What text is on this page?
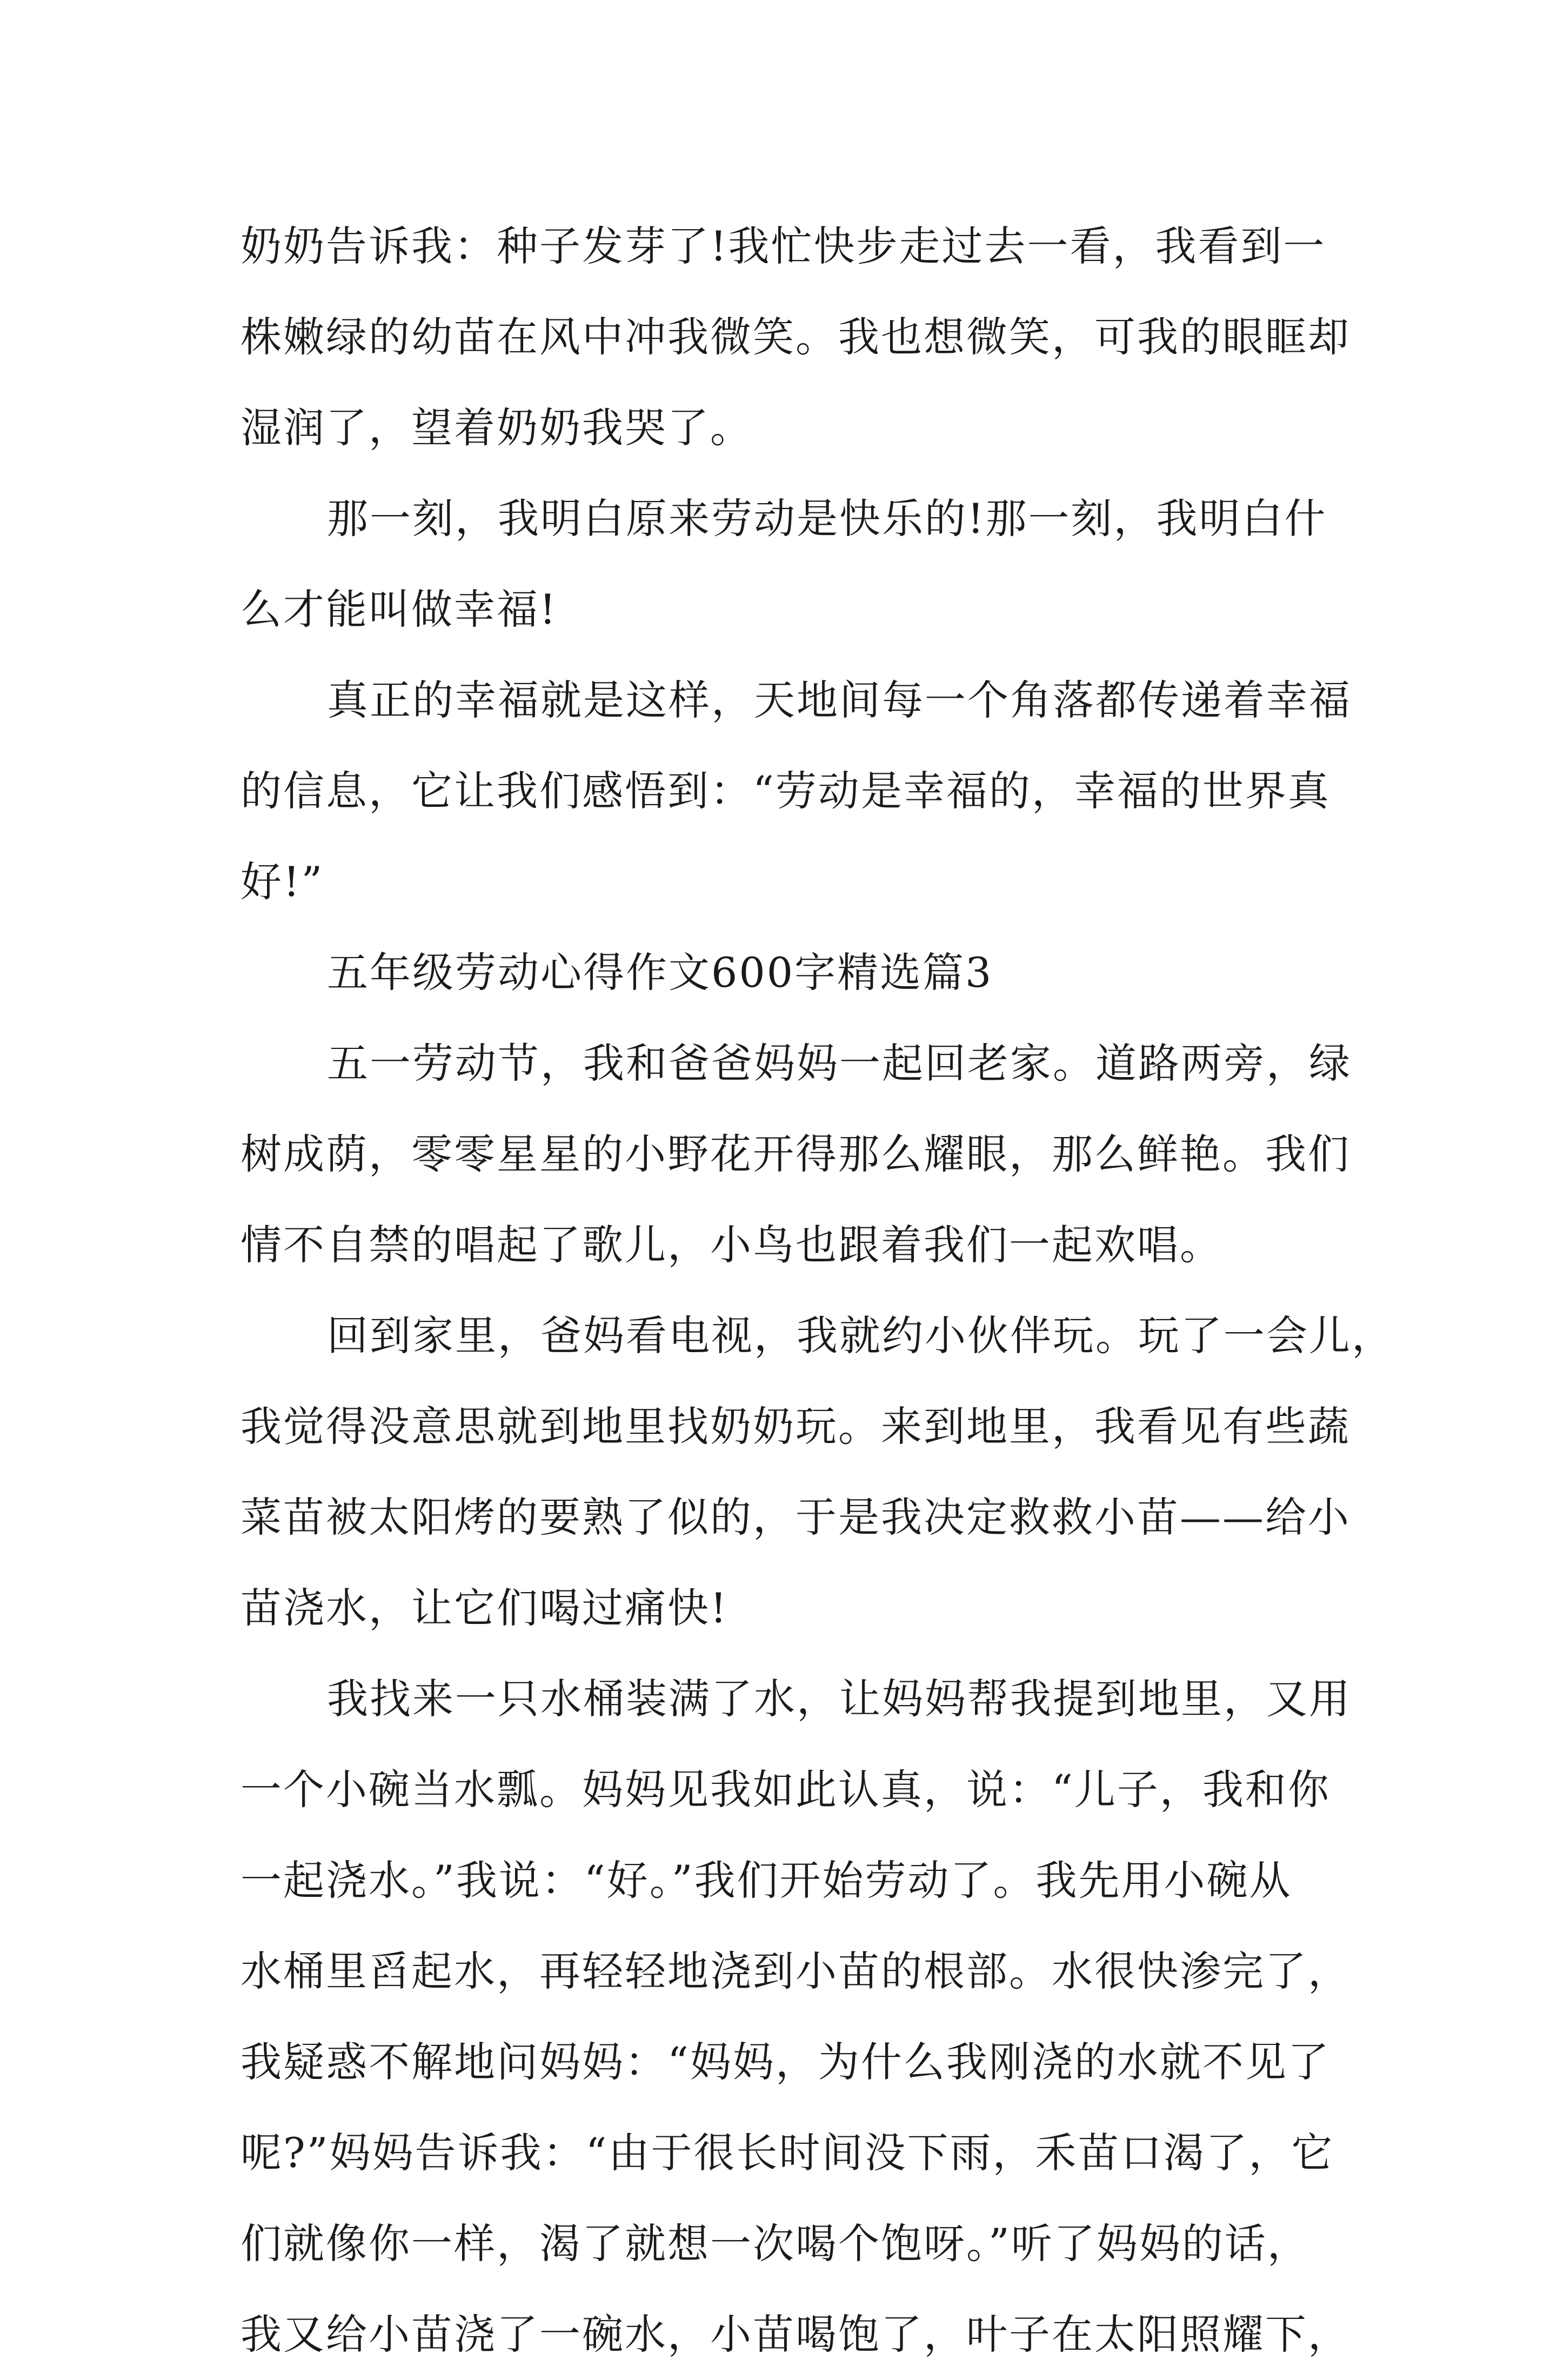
奶奶告诉我：种子发芽了!我忙快步走过去一看，我看到一
株嫩绿的幼苗在风中冲我微笑。我也想微笑，可我的眼眶却
湿润了，望着奶奶我哭了。
那一刻，我明白原来劳动是快乐的!那一刻，我明白什
么才能叫做幸福!
真正的幸福就是这样，天地间每一个角落都传递着幸福
的信息，它让我们感悟到：“劳动是幸福的，幸福的世界真
好!”
五年级劳动心得作文600字精选篇3
五一劳动节，我和爸爸妈妈一起回老家。道路两旁，绿
树成荫，零零星星的小野花开得那么耀眼，那么鲜艳。我们
情不自禁的唱起了歌儿，小鸟也跟着我们一起欢唱。
回到家里，爸妈看电视，我就约小伙伴玩。玩了一会儿，
我觉得没意思就到地里找奶奶玩。来到地里，我看见有些蔬
菜苗被太阳烤的要熟了似的，于是我决定救救小苗——给小
苗浇水，让它们喝过痛快!
我找来一只水桶装满了水，让妈妈帮我提到地里，又用
一个小碗当水瓢。妈妈见我如此认真，说：“儿子，我和你
一起浇水。”我说：“好。”我们开始劳动了。我先用小碗从
水桶里舀起水，再轻轻地浇到小苗的根部。水很快渗完了，
我疑惑不解地问妈妈：“妈妈，为什么我刚浇的水就不见了
呢?”妈妈告诉我：“由于很长时间没下雨，禾苗口渴了，它
们就像你一样，渴了就想一次喝个饱呀。”听了妈妈的话，
我又给小苗浇了一碗水，小苗喝饱了，叶子在太阳照耀下，
